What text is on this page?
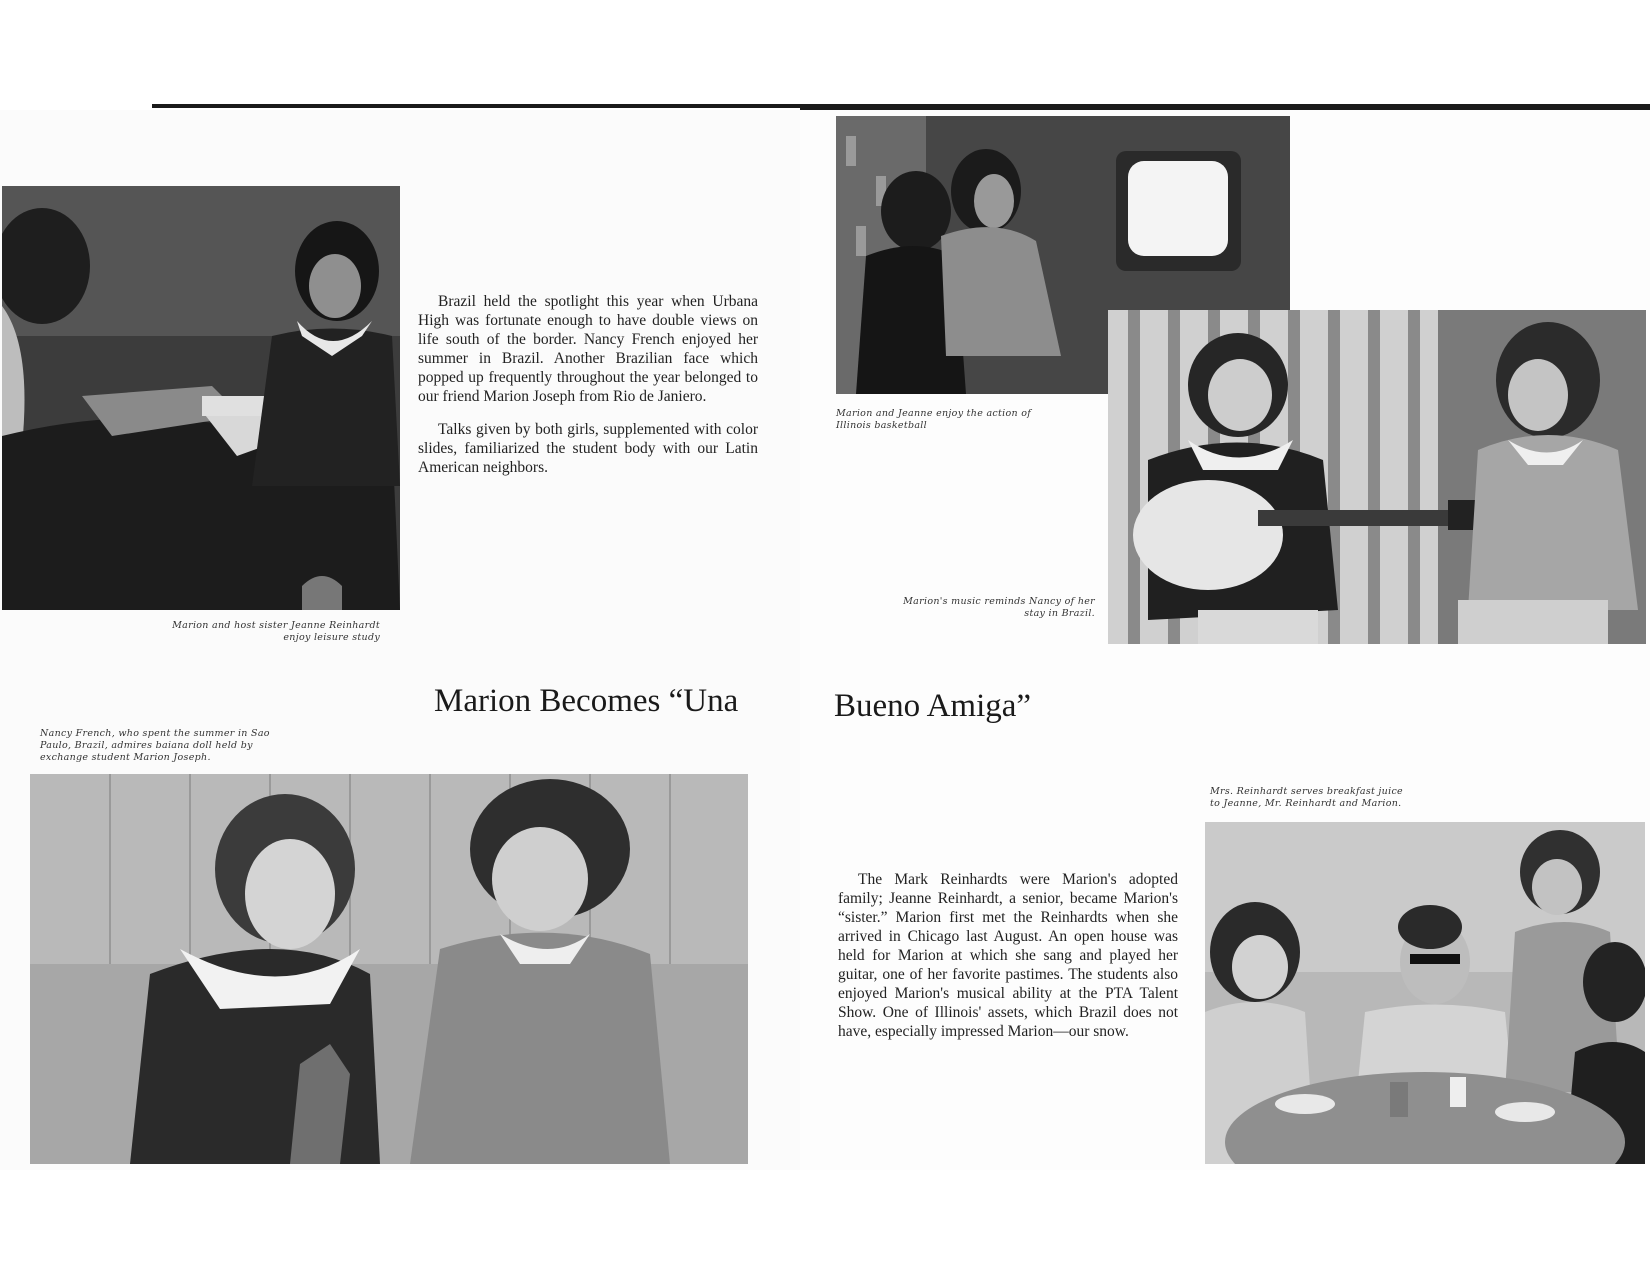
Marion and host sister Jeanne Reinhardt enjoy leisure study

Brazil held the spotlight this year when Urbana High was fortunate enough to have double views on life south of the border. Nancy French enjoyed her summer in Brazil. Another Brazilian face which popped up frequently throughout the year belonged to our friend Marion Joseph from Rio de Janiero.

Talks given by both girls, supplemented with color slides, familiarized the student body with our Latin American neighbors.

Marion Becomes “Una	Bueno Amiga”
Nancy French, who spent the summer in Sao Paulo, Brazil, admires baiana doll held by exchange student Marion Joseph.
Marion and Jeanne enjoy the action of Illinois basketball
Marion's music reminds Nancy of her stay in Brazil.

The Mark Reinhardts were Marion's adopted family; Jeanne Reinhardt, a senior, became Marion's “sister.” Marion first met the Reinhardts when she arrived in Chicago last August. An open house was held for Marion at which she sang and played her guitar, one of her favorite pastimes. The students also enjoyed Marion's musical ability at the PTA Talent Show. One of Illinois' assets, which Brazil does not have, especially impressed Marion—our snow.

Mrs. Reinhardt serves breakfast juice to Jeanne, Mr. Reinhardt and Marion.
